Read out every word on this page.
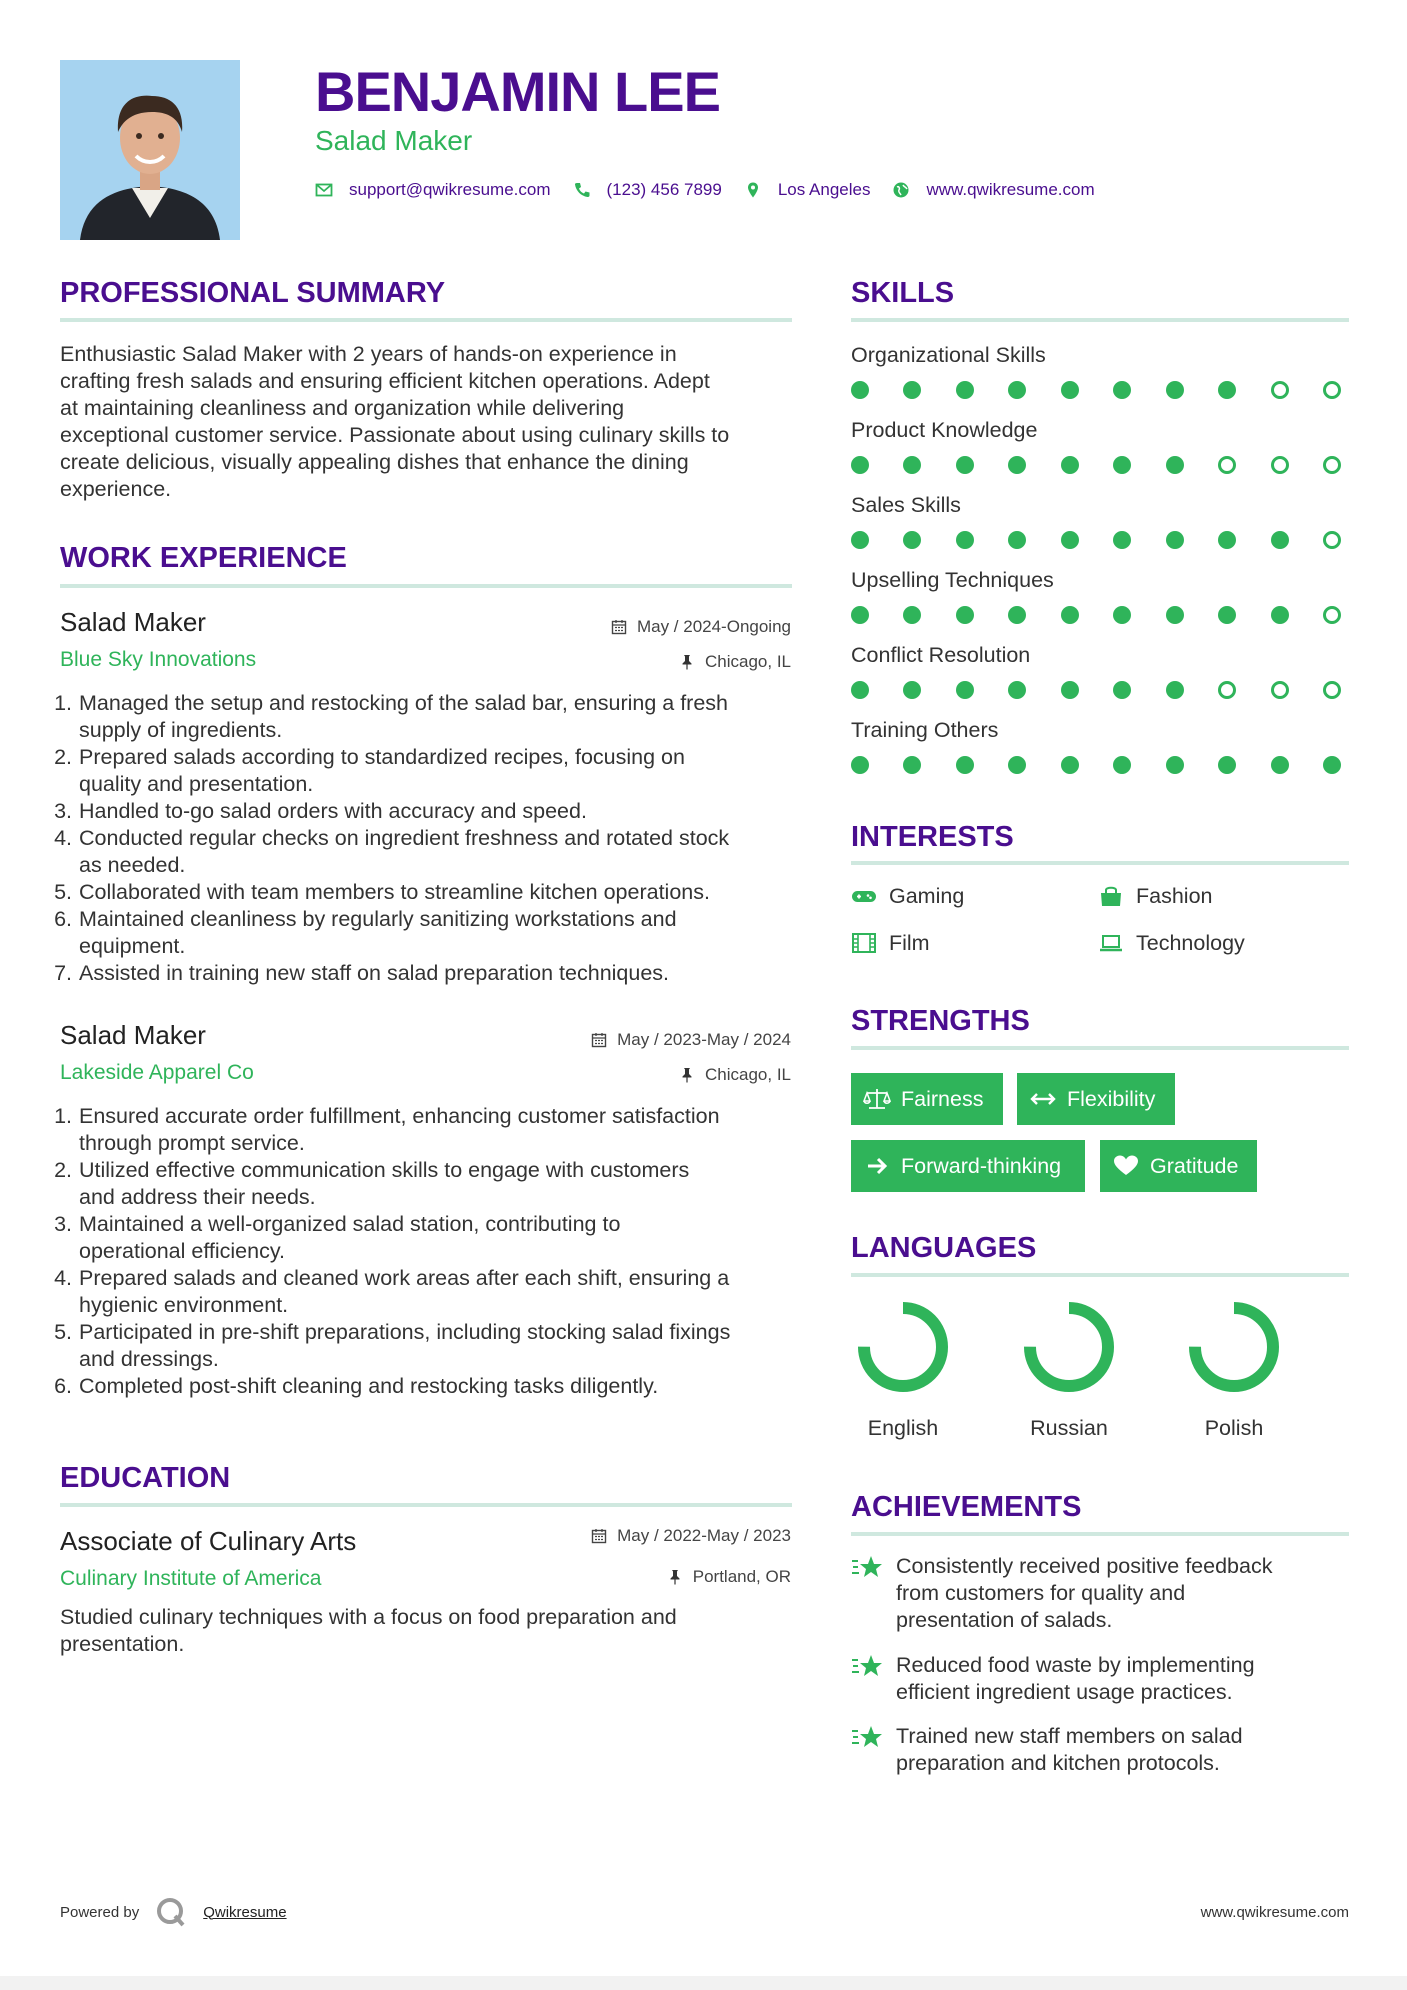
BENJAMIN LEE
Salad Maker
support@qwikresume.com	(123) 456 7899	Los Angeles	www.qwikresume.com
PROFESSIONAL SUMMARY
Enthusiastic Salad Maker with 2 years of hands-on experience in
crafting fresh salads and ensuring efficient kitchen operations. Adept
at maintaining cleanliness and organization while delivering
exceptional customer service. Passionate about using culinary skills to
create delicious, visually appealing dishes that enhance the dining
experience.
WORK EXPERIENCE
Salad Maker	May / 2024-Ongoing
Blue Sky Innovations	Chicago, IL
1. Managed the setup and restocking of the salad bar, ensuring a fresh
supply of ingredients.
2. Prepared salads according to standardized recipes, focusing on
quality and presentation.
3. Handled to-go salad orders with accuracy and speed.
4. Conducted regular checks on ingredient freshness and rotated stock
as needed.
5. Collaborated with team members to streamline kitchen operations.
6. Maintained cleanliness by regularly sanitizing workstations and
equipment.
7. Assisted in training new staff on salad preparation techniques.
Salad Maker	May / 2023-May / 2024
Lakeside Apparel Co	Chicago, IL
1. Ensured accurate order fulfillment, enhancing customer satisfaction
through prompt service.
2. Utilized effective communication skills to engage with customers
and address their needs.
3. Maintained a well-organized salad station, contributing to
operational efficiency.
4. Prepared salads and cleaned work areas after each shift, ensuring a
hygienic environment.
5. Participated in pre-shift preparations, including stocking salad fixings
and dressings.
6. Completed post-shift cleaning and restocking tasks diligently.
EDUCATION
Associate of Culinary Arts	May / 2022-May / 2023
Culinary Institute of America	Portland, OR
Studied culinary techniques with a focus on food preparation and
presentation.
SKILLS
Organizational Skills
Product Knowledge
Sales Skills
Upselling Techniques
Conflict Resolution
Training Others
INTERESTS
Gaming	Fashion
Film	Technology
STRENGTHS
Fairness	Flexibility
Forward-thinking	Gratitude
LANGUAGES
English	Russian	Polish
ACHIEVEMENTS
Consistently received positive feedback
from customers for quality and
presentation of salads.
Reduced food waste by implementing
efficient ingredient usage practices.
Trained new staff members on salad
preparation and kitchen protocols.
Powered by	Qwikresume	www.qwikresume.com
